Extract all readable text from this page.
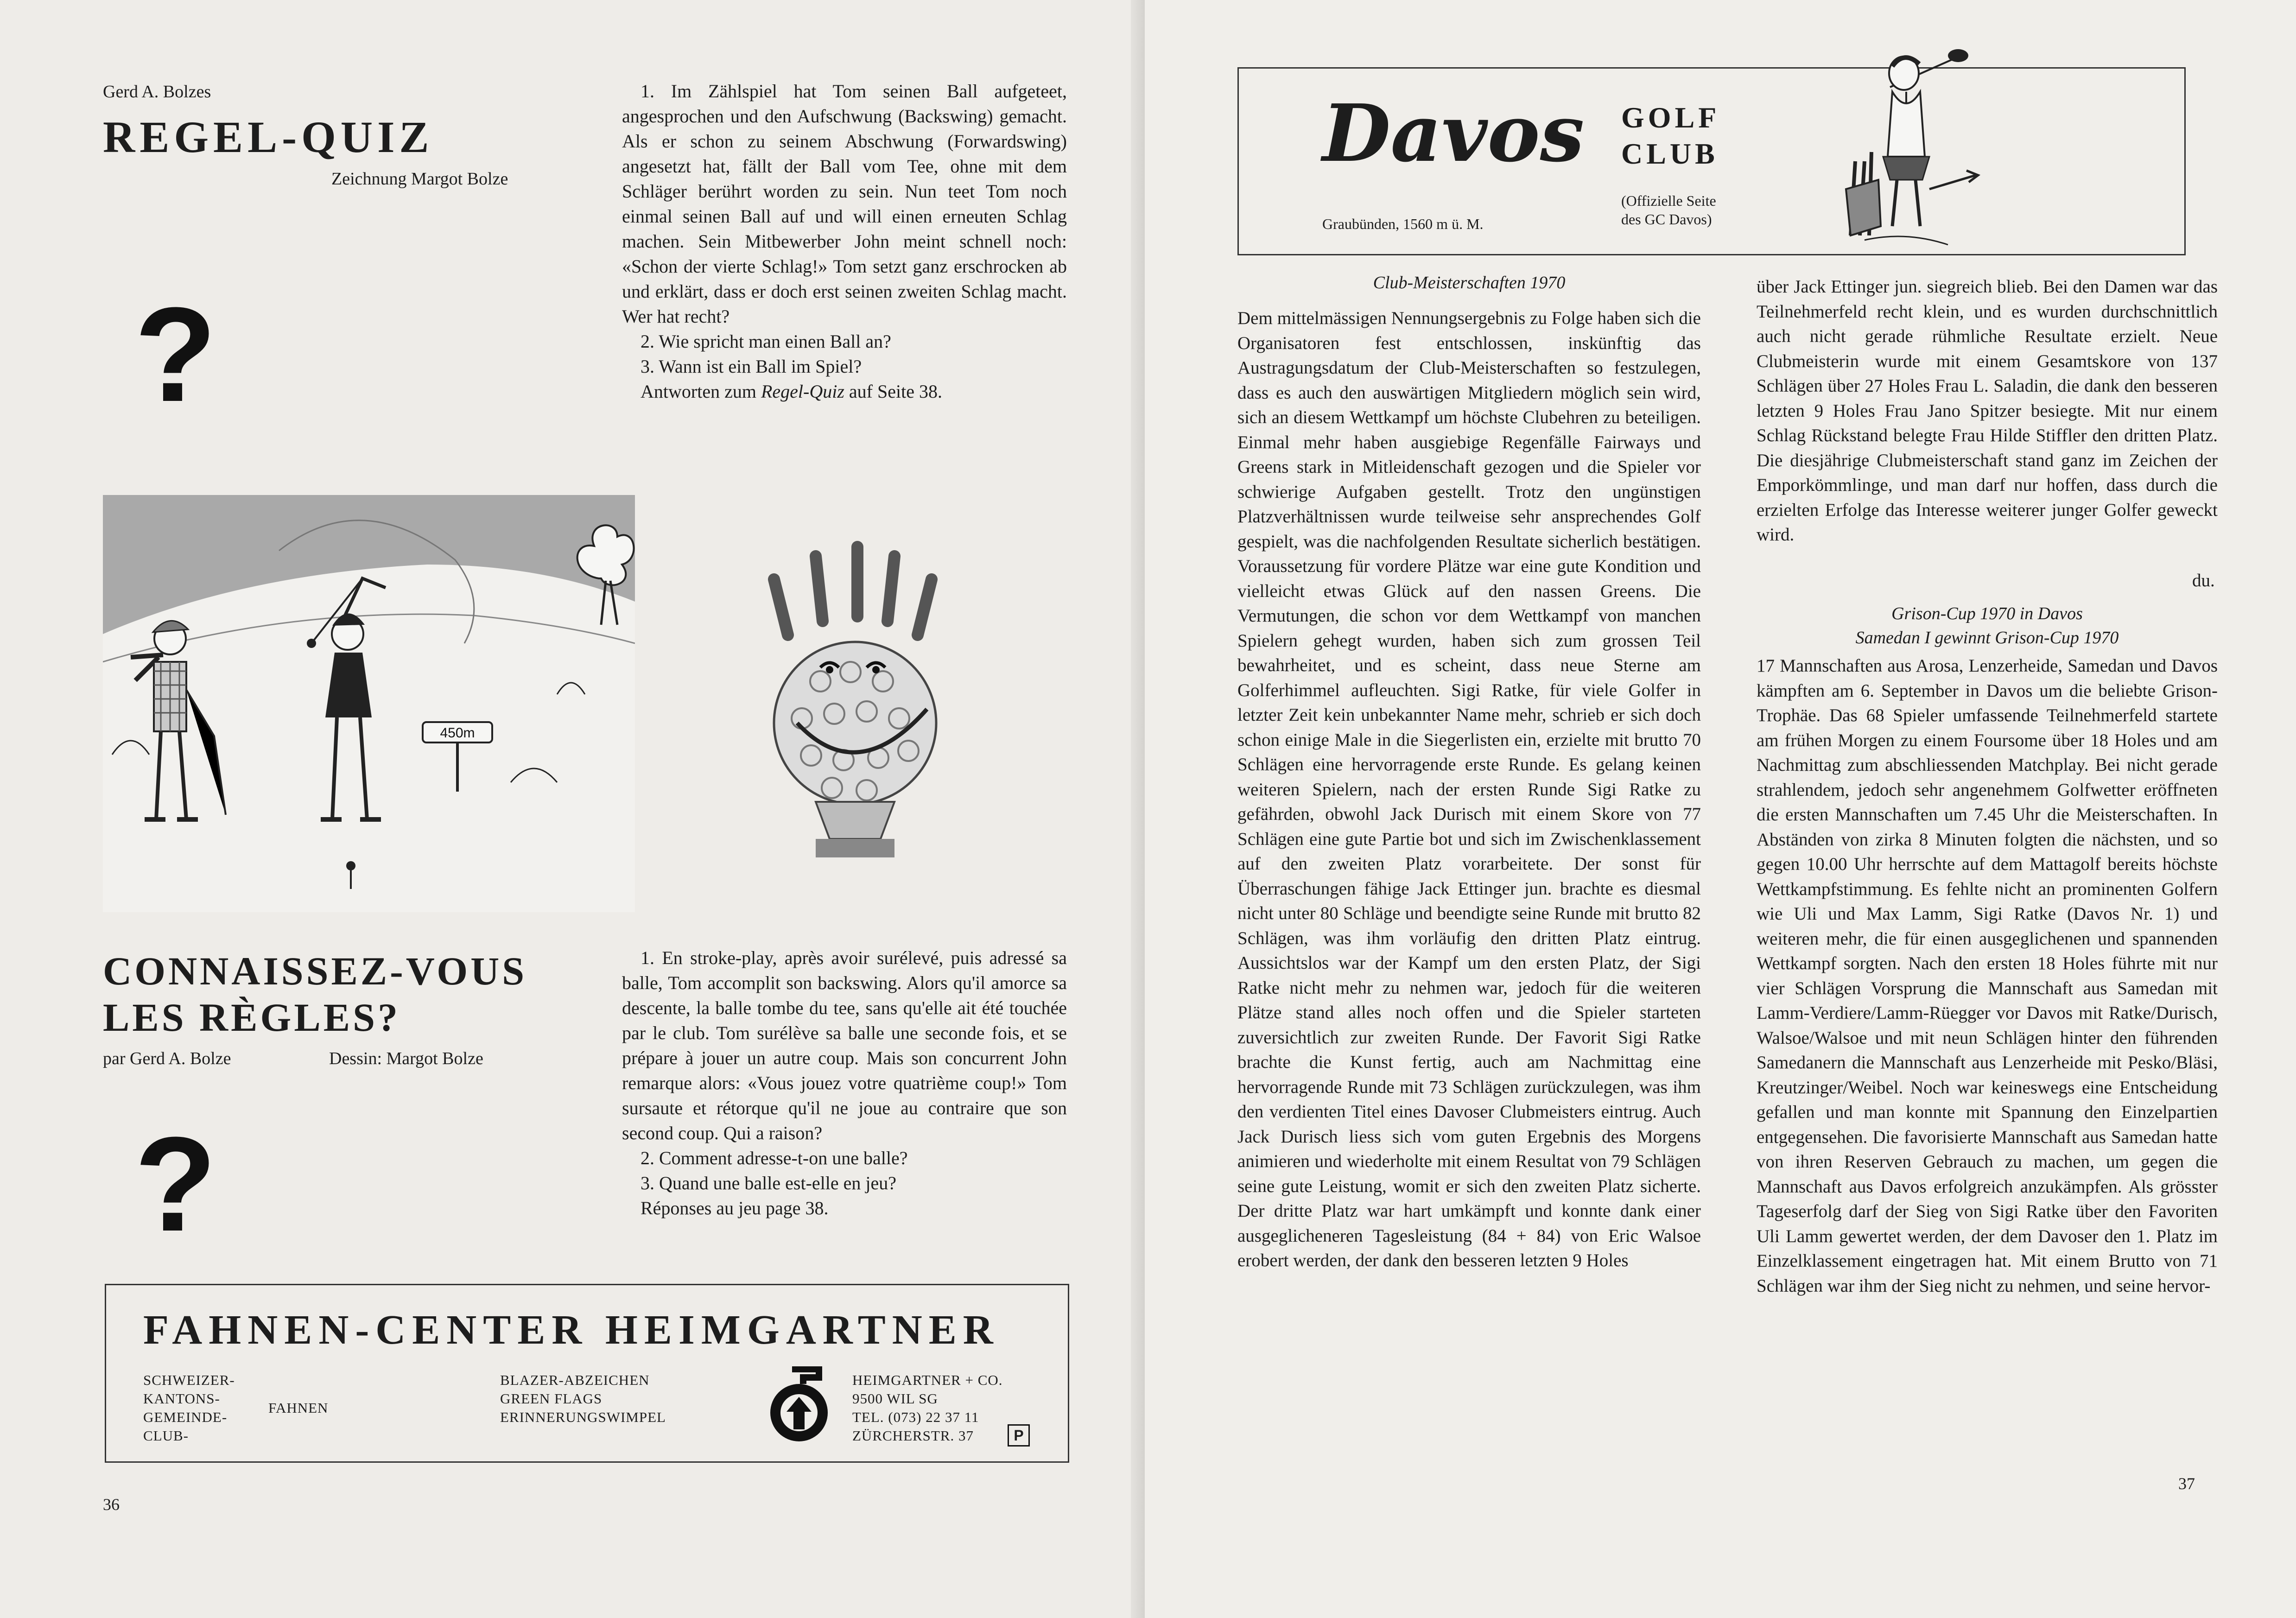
Gerd A. Bolzes
REGEL-QUIZ
Zeichnung Margot Bolze
?

1. Im Zählspiel hat Tom seinen Ball aufgeteet, angesprochen und den Aufschwung (Backswing) gemacht. Als er schon zu seinem Abschwung (Forwardswing) angesetzt hat, fällt der Ball vom Tee, ohne mit dem Schläger berührt worden zu sein. Nun teet Tom noch einmal seinen Ball auf und will einen erneuten Schlag machen. Sein Mitbewerber John meint schnell noch: «Schon der vierte Schlag!» Tom setzt ganz erschrocken ab und erklärt, dass er doch erst seinen zweiten Schlag macht. Wer hat recht?

2. Wie spricht man einen Ball an?

3. Wann ist ein Ball im Spiel?

Antworten zum Regel-Quiz auf Seite 38.

450m
CONNAISSEZ-VOUS
LES RÈGLES?
par Gerd A. Bolze	Dessin: Margot Bolze
?

1. En stroke-play, après avoir surélevé, puis adressé sa balle, Tom accomplit son backswing. Alors qu'il amorce sa descente, la balle tombe du tee, sans qu'elle ait été touchée par le club. Tom surélève sa balle une seconde fois, et se prépare à jouer un autre coup. Mais son concurrent John remarque alors: «Vous jouez votre quatrième coup!» Tom sursaute et rétorque qu'il ne joue au contraire que son second coup. Qui a raison?

2. Comment adresse-t-on une balle?

3. Quand une balle est-elle en jeu?

Réponses au jeu page 38.

FAHNEN-CENTER HEIMGARTNER
SCHWEIZER-
KANTONS-
GEMEINDE-
CLUB-
FAHNEN
BLAZER-ABZEICHEN
GREEN FLAGS
ERINNERUNGSWIMPEL
HEIMGARTNER + CO.
9500 WIL SG
TEL. (073) 22 37 11
ZÜRCHERSTR. 37	P
36
Davos GOLF
CLUB
Graubünden, 1560 m ü. M.
(Offizielle Seite
des GC Davos)
Club-Meisterschaften 1970
Dem mittelmässigen Nennungsergebnis zu Folge haben sich die Organisatoren fest entschlossen, inskünftig das Austragungsdatum der Club-Meisterschaften so festzulegen, dass es auch den auswärtigen Mitgliedern möglich sein wird, sich an diesem Wettkampf um höchste Clubehren zu beteiligen. Einmal mehr haben ausgiebige Regenfälle Fairways und Greens stark in Mitleidenschaft gezogen und die Spieler vor schwierige Aufgaben gestellt. Trotz den ungünstigen Platzverhältnissen wurde teilweise sehr ansprechendes Golf gespielt, was die nachfolgenden Resultate sicherlich bestätigen. Voraussetzung für vordere Plätze war eine gute Kondition und vielleicht etwas Glück auf den nassen Greens. Die Vermutungen, die schon vor dem Wettkampf von manchen Spielern gehegt wurden, haben sich zum grossen Teil bewahrheitet, und es scheint, dass neue Sterne am Golferhimmel aufleuchten. Sigi Ratke, für viele Golfer in letzter Zeit kein unbekannter Name mehr, schrieb er sich doch schon einige Male in die Siegerlisten ein, erzielte mit brutto 70 Schlägen eine hervorragende erste Runde. Es gelang keinen weiteren Spielern, nach der ersten Runde Sigi Ratke zu gefährden, obwohl Jack Durisch mit einem Skore von 77 Schlägen eine gute Partie bot und sich im Zwischenklassement auf den zweiten Platz vorarbeitete. Der sonst für Überraschungen fähige Jack Ettinger jun. brachte es diesmal nicht unter 80 Schläge und beendigte seine Runde mit brutto 82 Schlägen, was ihm vorläufig den dritten Platz eintrug. Aussichtslos war der Kampf um den ersten Platz, der Sigi Ratke nicht mehr zu nehmen war, jedoch für die weiteren Plätze stand alles noch offen und die Spieler starteten zuversichtlich zur zweiten Runde. Der Favorit Sigi Ratke brachte die Kunst fertig, auch am Nachmittag eine hervorragende Runde mit 73 Schlägen zurückzulegen, was ihm den verdienten Titel eines Davoser Clubmeisters eintrug. Auch Jack Durisch liess sich vom guten Ergebnis des Morgens animieren und wiederholte mit einem Resultat von 79 Schlägen seine gute Leistung, womit er sich den zweiten Platz sicherte. Der dritte Platz war hart umkämpft und konnte dank einer ausgeglicheneren Tagesleistung (84 + 84) von Eric Walsoe erobert werden, der dank den besseren letzten 9 Holes
über Jack Ettinger jun. siegreich blieb. Bei den Damen war das Teilnehmerfeld recht klein, und es wurden durchschnittlich auch nicht gerade rühmliche Resultate erzielt. Neue Clubmeisterin wurde mit einem Gesamtskore von 137 Schlägen über 27 Holes Frau L. Saladin, die dank den besseren letzten 9 Holes Frau Jano Spitzer besiegte. Mit nur einem Schlag Rückstand belegte Frau Hilde Stiffler den dritten Platz. Die diesjährige Clubmeisterschaft stand ganz im Zeichen der Emporkömmlinge, und man darf nur hoffen, dass durch die erzielten Erfolge das Interesse weiterer junger Golfer geweckt wird.
du.
Grison-Cup 1970 in Davos
Samedan I gewinnt Grison-Cup 1970
17 Mannschaften aus Arosa, Lenzerheide, Samedan und Davos kämpften am 6. September in Davos um die beliebte Grison-Trophäe. Das 68 Spieler umfassende Teilnehmerfeld startete am frühen Morgen zu einem Foursome über 18 Holes und am Nachmittag zum abschliessenden Matchplay. Bei nicht gerade strahlendem, jedoch sehr angenehmem Golfwetter eröffneten die ersten Mannschaften um 7.45 Uhr die Meisterschaften. In Abständen von zirka 8 Minuten folgten die nächsten, und so gegen 10.00 Uhr herrschte auf dem Mattagolf bereits höchste Wettkampfstimmung. Es fehlte nicht an prominenten Golfern wie Uli und Max Lamm, Sigi Ratke (Davos Nr. 1) und weiteren mehr, die für einen ausgeglichenen und spannenden Wettkampf sorgten. Nach den ersten 18 Holes führte mit nur vier Schlägen Vorsprung die Mannschaft aus Samedan mit Lamm-Verdiere/Lamm-Rüegger vor Davos mit Ratke/Durisch, Walsoe/Walsoe und mit neun Schlägen hinter den führenden Samedanern die Mannschaft aus Lenzerheide mit Pesko/Bläsi, Kreutzinger/Weibel. Noch war keineswegs eine Entscheidung gefallen und man konnte mit Spannung den Einzelpartien entgegensehen. Die favorisierte Mannschaft aus Samedan hatte von ihren Reserven Gebrauch zu machen, um gegen die Mannschaft aus Davos erfolgreich anzukämpfen. Als grösster Tageserfolg darf der Sieg von Sigi Ratke über den Favoriten Uli Lamm gewertet werden, der dem Davoser den 1. Platz im Einzelklassement eingetragen hat. Mit einem Brutto von 71 Schlägen war ihm der Sieg nicht zu nehmen, und seine hervor-
37
